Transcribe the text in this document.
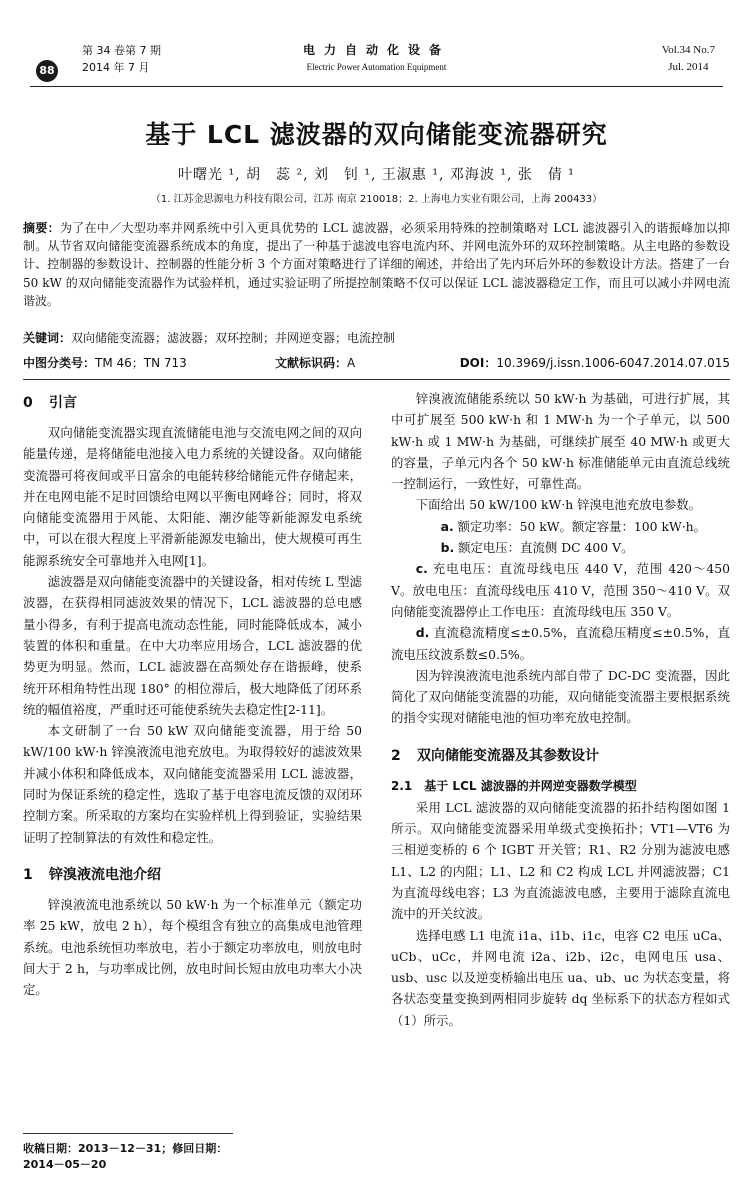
88
第 34 卷第 7 期
2014 年 7 月
电力自动化设备
Electric Power Automation Equipment
Vol.34 No.7
Jul. 2014
基于 LCL 滤波器的双向储能变流器研究
叶曙光 ¹, 胡　蕊 ², 刘　钊 ¹, 王淑惠 ¹, 邓海波 ¹, 张　倩 ¹
（1. 江苏金思源电力科技有限公司，江苏 南京 210018；2. 上海电力实业有限公司，上海 200433）
摘要：为了在中／大型功率并网系统中引入更具优势的 LCL 滤波器，必须采用特殊的控制策略对 LCL 滤波器引入的谐振峰加以抑制。从节省双向储能变流器系统成本的角度，提出了一种基于滤波电容电流内环、并网电流外环的双环控制策略。从主电路的参数设计、控制器的参数设计、控制器的性能分析 3 个方面对策略进行了详细的阐述，并给出了先内环后外环的参数设计方法。搭建了一台 50 kW 的双向储能变流器作为试验样机，通过实验证明了所提控制策略不仅可以保证 LCL 滤波器稳定工作，而且可以减小并网电流谐波。
关键词：双向储能变流器；滤波器；双环控制；并网逆变器；电流控制
中图分类号：TM 46；TN 713	文献标识码：A	DOI：10.3969/j.issn.1006-6047.2014.07.015
0 引言

双向储能变流器实现直流储能电池与交流电网之间的双向能量传递，是将储能电池接入电力系统的关键设备。双向储能变流器可将夜间或平日富余的电能转移给储能元件存储起来，并在电网电能不足时回馈给电网以平衡电网峰谷；同时，将双向储能变流器用于风能、太阳能、潮汐能等新能源发电系统中，可以在很大程度上平滑新能源发电输出，使大规模可再生能源系统安全可靠地并入电网[1]。

滤波器是双向储能变流器中的关键设备，相对传统 L 型滤波器，在获得相同滤波效果的情况下，LCL 滤波器的总电感量小得多，有利于提高电流动态性能，同时能降低成本，减小装置的体积和重量。在中大功率应用场合，LCL 滤波器的优势更为明显。然而，LCL 滤波器在高频处存在谐振峰，使系统开环相角特性出现 180° 的相位滞后，极大地降低了闭环系统的幅值裕度，严重时还可能使系统失去稳定性[2-11]。

本文研制了一台 50 kW 双向储能变流器，用于给 50 kW/100 kW·h 锌溴液流电池充放电。为取得较好的滤波效果并减小体积和降低成本，双向储能变流器采用 LCL 滤波器，同时为保证系统的稳定性，选取了基于电容电流反馈的双闭环控制方案。所采取的方案均在实验样机上得到验证，实验结果证明了控制算法的有效性和稳定性。

1 锌溴液流电池介绍

锌溴液流电池系统以 50 kW·h 为一个标准单元（额定功率 25 kW，放电 2 h），每个模组含有独立的高集成电池管理系统。电池系统恒功率放电，若小于额定功率放电，则放电时间大于 2 h，与功率成比例，放电时间长短由放电功率大小决定。

收稿日期：2013－12－31；修回日期：2014－05－20

锌溴液流储能系统以 50 kW·h 为基础，可进行扩展，其中可扩展至 500 kW·h 和 1 MW·h 为一个子单元，以 500 kW·h 或 1 MW·h 为基础，可继续扩展至 40 MW·h 或更大的容量，子单元内各个 50 kW·h 标准储能单元由直流总线统一控制运行，一致性好，可靠性高。

下面给出 50 kW/100 kW·h 锌溴电池充放电参数。

a. 额定功率：50 kW。额定容量：100 kW·h。

b. 额定电压：直流侧 DC 400 V。

c. 充电电压：直流母线电压 440 V，范围 420～450 V。放电电压：直流母线电压 410 V，范围 350～410 V。双向储能变流器停止工作电压：直流母线电压 350 V。

d. 直流稳流精度≤±0.5%，直流稳压精度≤±0.5%，直流电压纹波系数≤0.5%。

因为锌溴液流电池系统内部自带了 DC-DC 变流器，因此简化了双向储能变流器的功能，双向储能变流器主要根据系统的指令实现对储能电池的恒功率充放电控制。

2 双向储能变流器及其参数设计
2.1　基于 LCL 滤波器的并网逆变器数学模型

采用 LCL 滤波器的双向储能变流器的拓扑结构图如图 1 所示。双向储能变流器采用单级式变换拓扑；VT1—VT6 为三相逆变桥的 6 个 IGBT 开关管；R1、R2 分别为滤波电感 L1、L2 的内阻；L1、L2 和 C2 构成 LCL 并网滤波器；C1 为直流母线电容；L3 为直流滤波电感，主要用于滤除直流电流中的开关纹波。

选择电感 L1 电流 i1a、i1b、i1c，电容 C2 电压 uCa、uCb、uCc，并网电流 i2a、i2b、i2c，电网电压 usa、usb、usc 以及逆变桥输出电压 ua、ub、uc 为状态变量，将各状态变量变换到两相同步旋转 dq 坐标系下的状态方程如式（1）所示。
